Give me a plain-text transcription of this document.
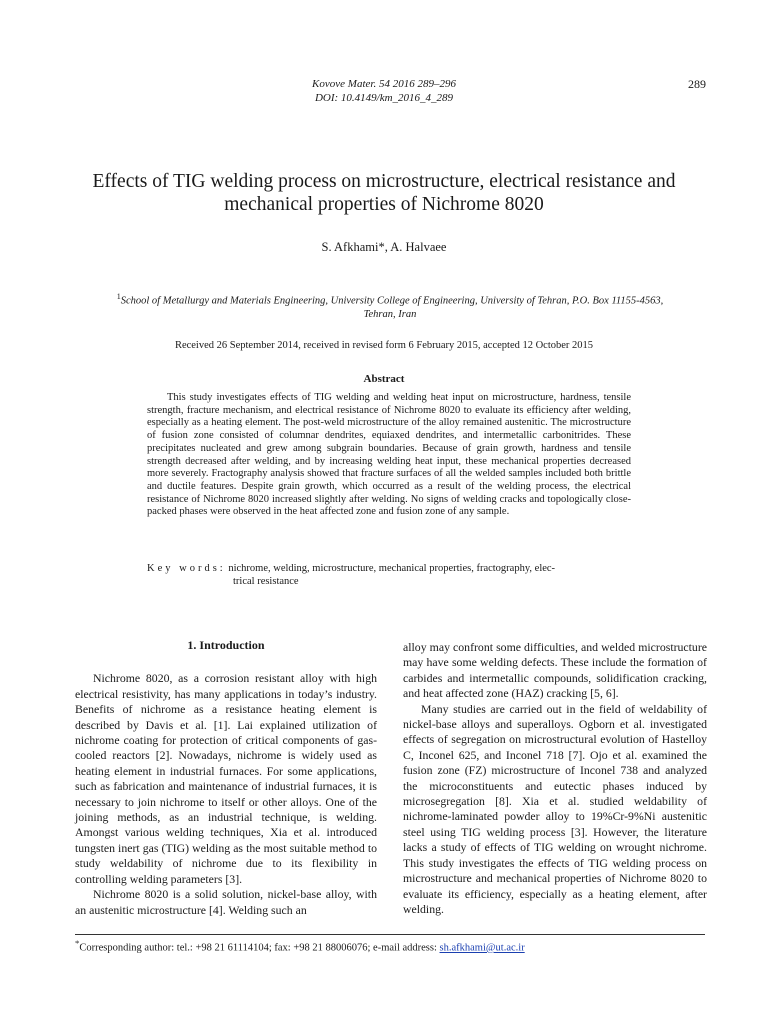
Kovove Mater. 54 2016 289–296
DOI: 10.4149/km_2016_4_289
289
Effects of TIG welding process on microstructure, electrical resistance and mechanical properties of Nichrome 8020
S. Afkhami*, A. Halvaee
$^1$School of Metallurgy and Materials Engineering, University College of Engineering, University of Tehran, P.O. Box 11155-4563, Tehran, Iran
Received 26 September 2014, received in revised form 6 February 2015, accepted 12 October 2015
Abstract

This study investigates effects of TIG welding and welding heat input on microstructure, hardness, tensile strength, fracture mechanism, and electrical resistance of Nichrome 8020 to evaluate its efficiency after welding, especially as a heating element. The post-weld microstructure of the alloy remained austenitic. The microstructure of fusion zone consisted of columnar dendrites, equiaxed dendrites, and intermetallic carbonitrides. These precipitates nucleated and grew among subgrain boundaries. Because of grain growth, hardness and tensile strength decreased after welding, and by increasing welding heat input, these mechanical properties decreased more severely. Fractography analysis showed that fracture surfaces of all the welded samples included both brittle and ductile features. Despite grain growth, which occurred as a result of the welding process, the electrical resistance of Nichrome 8020 increased slightly after welding. No signs of welding cracks and topologically close-packed phases were observed in the heat affected zone and fusion zone of any sample.

Key words: nichrome, welding, microstructure, mechanical properties, fractography, elec-
trical resistance

1. Introduction

Nichrome 8020, as a corrosion resistant alloy with high electrical resistivity, has many applications in today’s industry. Benefits of nichrome as a resistance heating element is described by Davis et al. [1]. Lai explained utilization of nichrome coating for protection of critical components of gas-cooled reactors [2]. Nowadays, nichrome is widely used as heating element in industrial furnaces. For some applications, such as fabrication and maintenance of industrial furnaces, it is necessary to join nichrome to itself or other alloys. One of the joining methods, as an industrial technique, is welding. Amongst various welding techniques, Xia et al. introduced tungsten inert gas (TIG) welding as the most suitable method to study weldability of nichrome due to its flexibility in controlling welding parameters [3].

Nichrome 8020 is a solid solution, nickel-base alloy, with an austenitic microstructure [4]. Welding such an

alloy may confront some difficulties, and welded microstructure may have some welding defects. These include the formation of carbides and intermetallic compounds, solidification cracking, and heat affected zone (HAZ) cracking [5, 6].

Many studies are carried out in the field of weldability of nickel-base alloys and superalloys. Ogborn et al. investigated effects of segregation on microstructural evolution of Hastelloy C, Inconel 625, and Inconel 718 [7]. Ojo et al. examined the fusion zone (FZ) microstructure of Inconel 738 and analyzed the microconstituents and eutectic phases induced by microsegregation [8]. Xia et al. studied weldability of nichrome-laminated powder alloy to 19%Cr-9%Ni austenitic steel using TIG welding process [3]. However, the literature lacks a study of effects of TIG welding on wrought nichrome. This study investigates the effects of TIG welding process on microstructure and mechanical properties of Nichrome 8020 to evaluate its efficiency, especially as a heating element, after welding.

*Corresponding author: tel.: +98 21 61114104; fax: +98 21 88006076; e-mail address: sh.afkhami@ut.ac.ir
